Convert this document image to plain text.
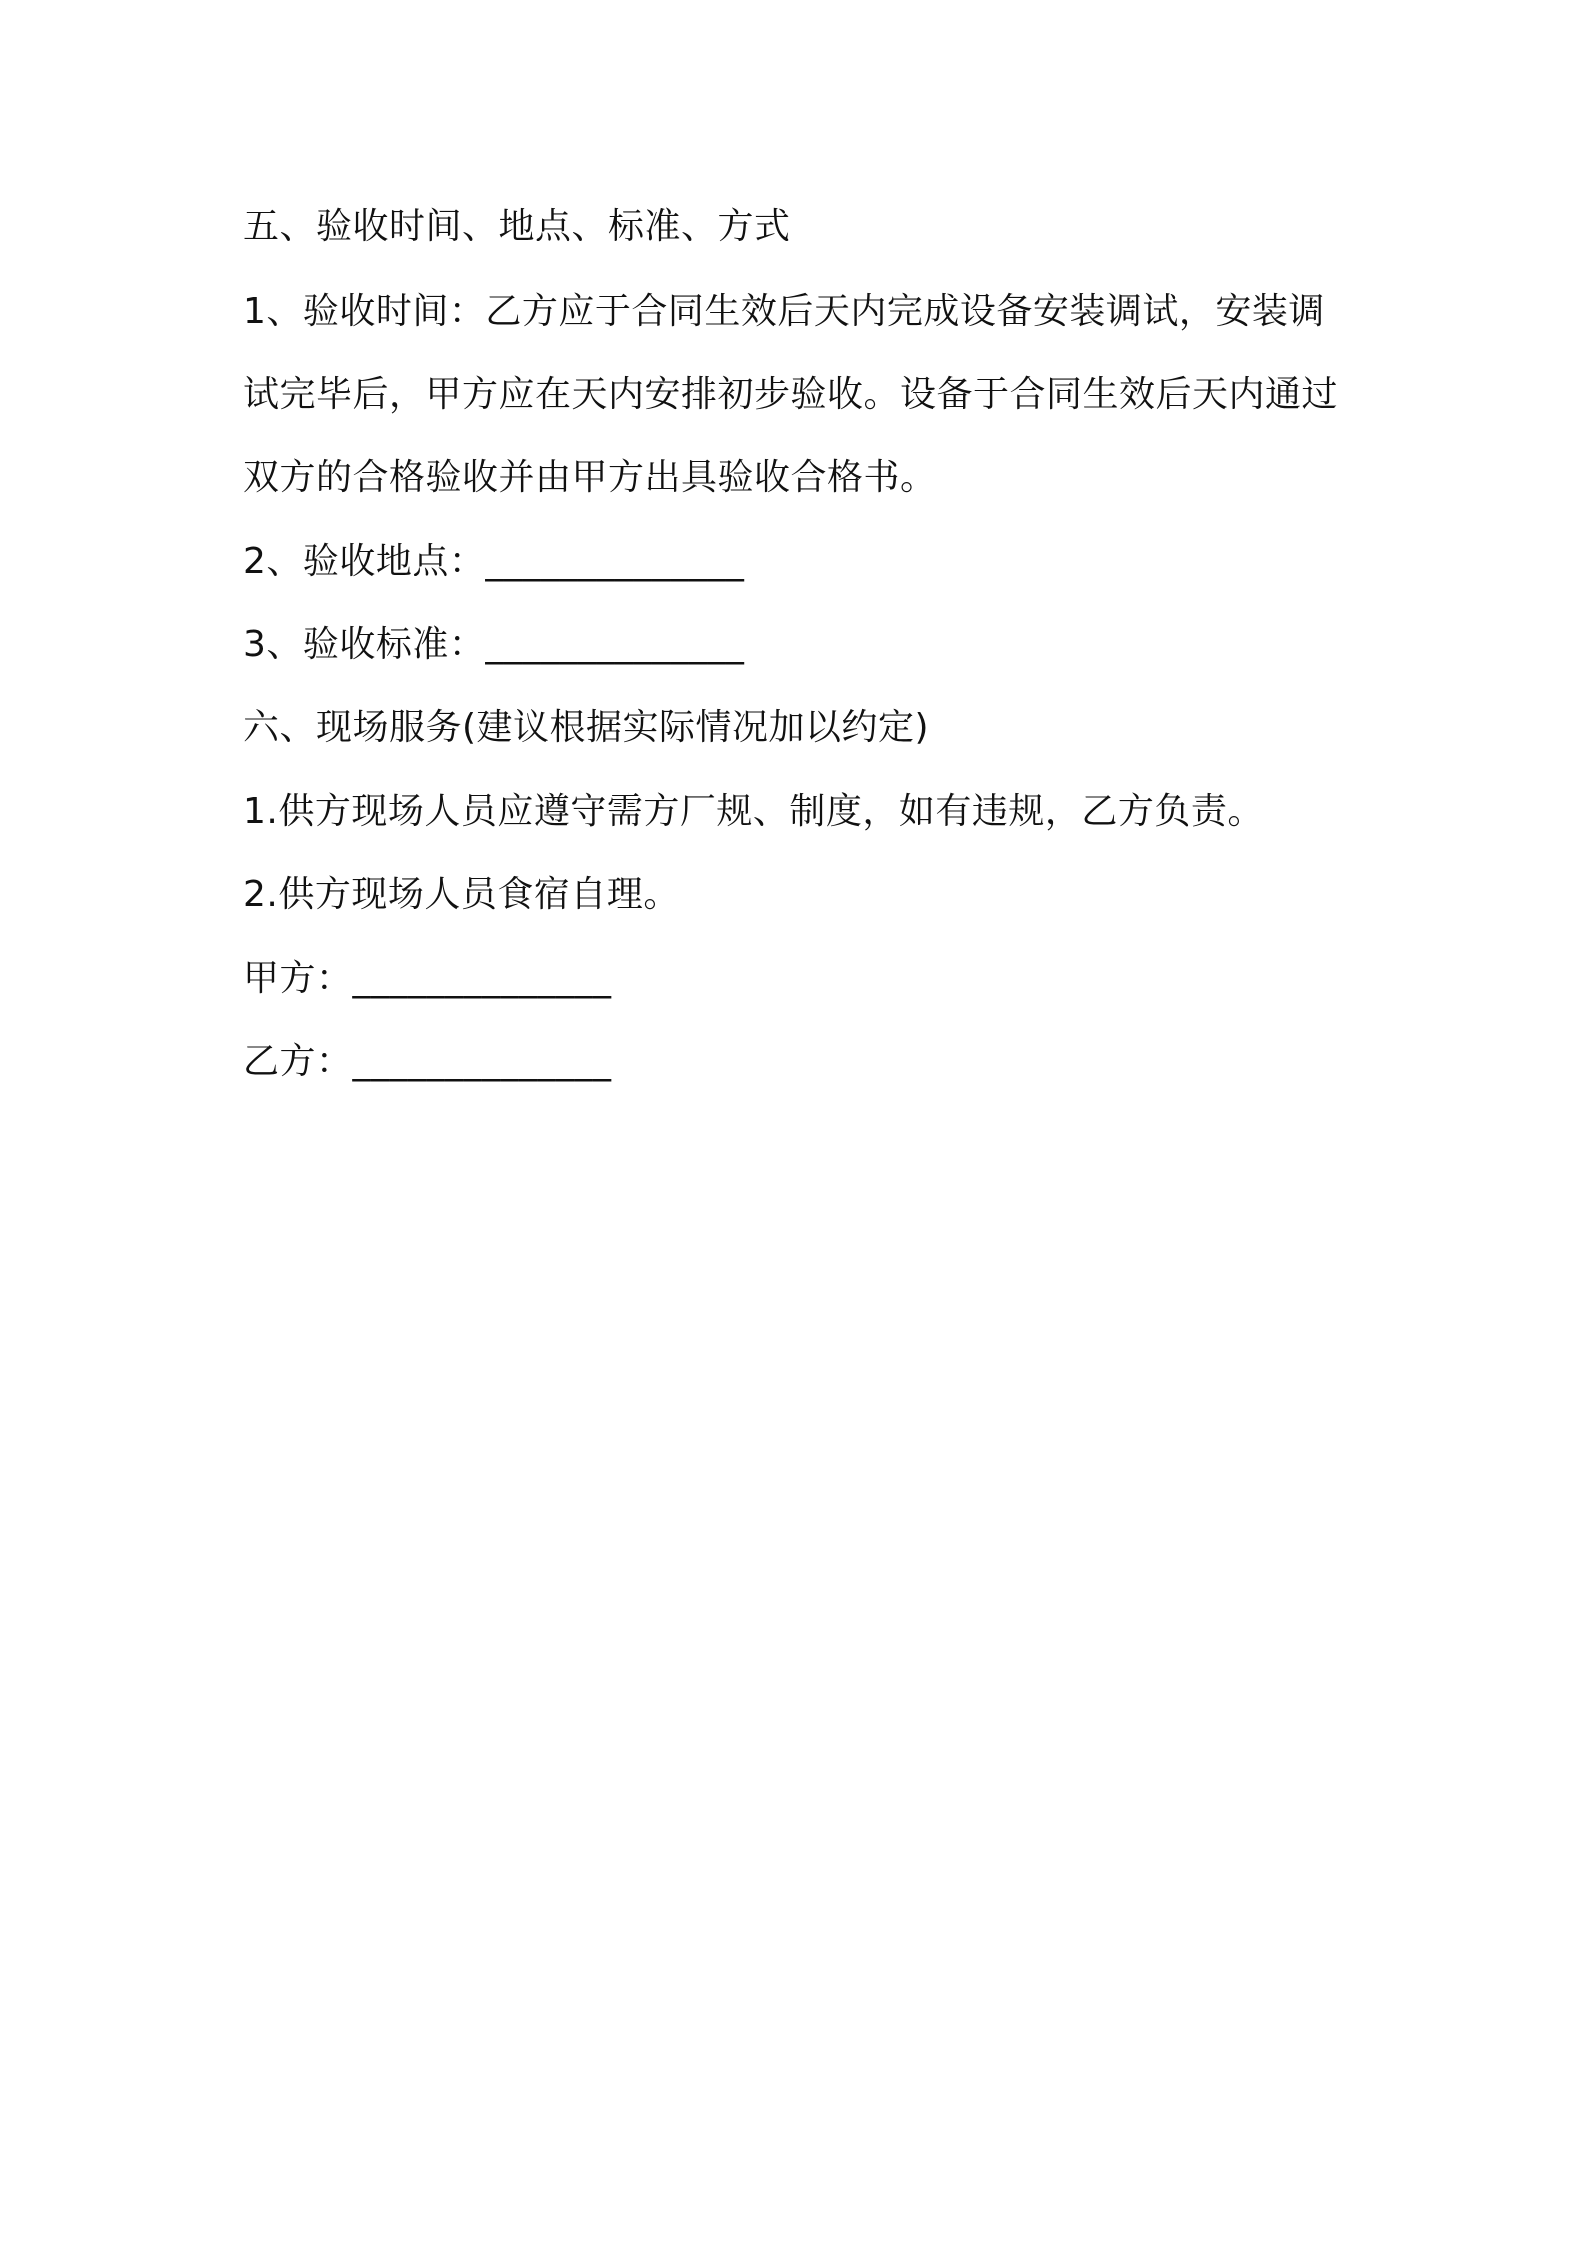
五、验收时间、地点、标准、方式
1、验收时间：乙方应于合同生效后天内完成设备安装调试，安装调
试完毕后，甲方应在天内安排初步验收。设备于合同生效后天内通过
双方的合格验收并由甲方出具验收合格书。
2、验收地点：______________
3、验收标准：______________
六、现场服务(建议根据实际情况加以约定)
1.供方现场人员应遵守需方厂规、制度，如有违规，乙方负责。
2.供方现场人员食宿自理。
甲方：______________
乙方：______________
